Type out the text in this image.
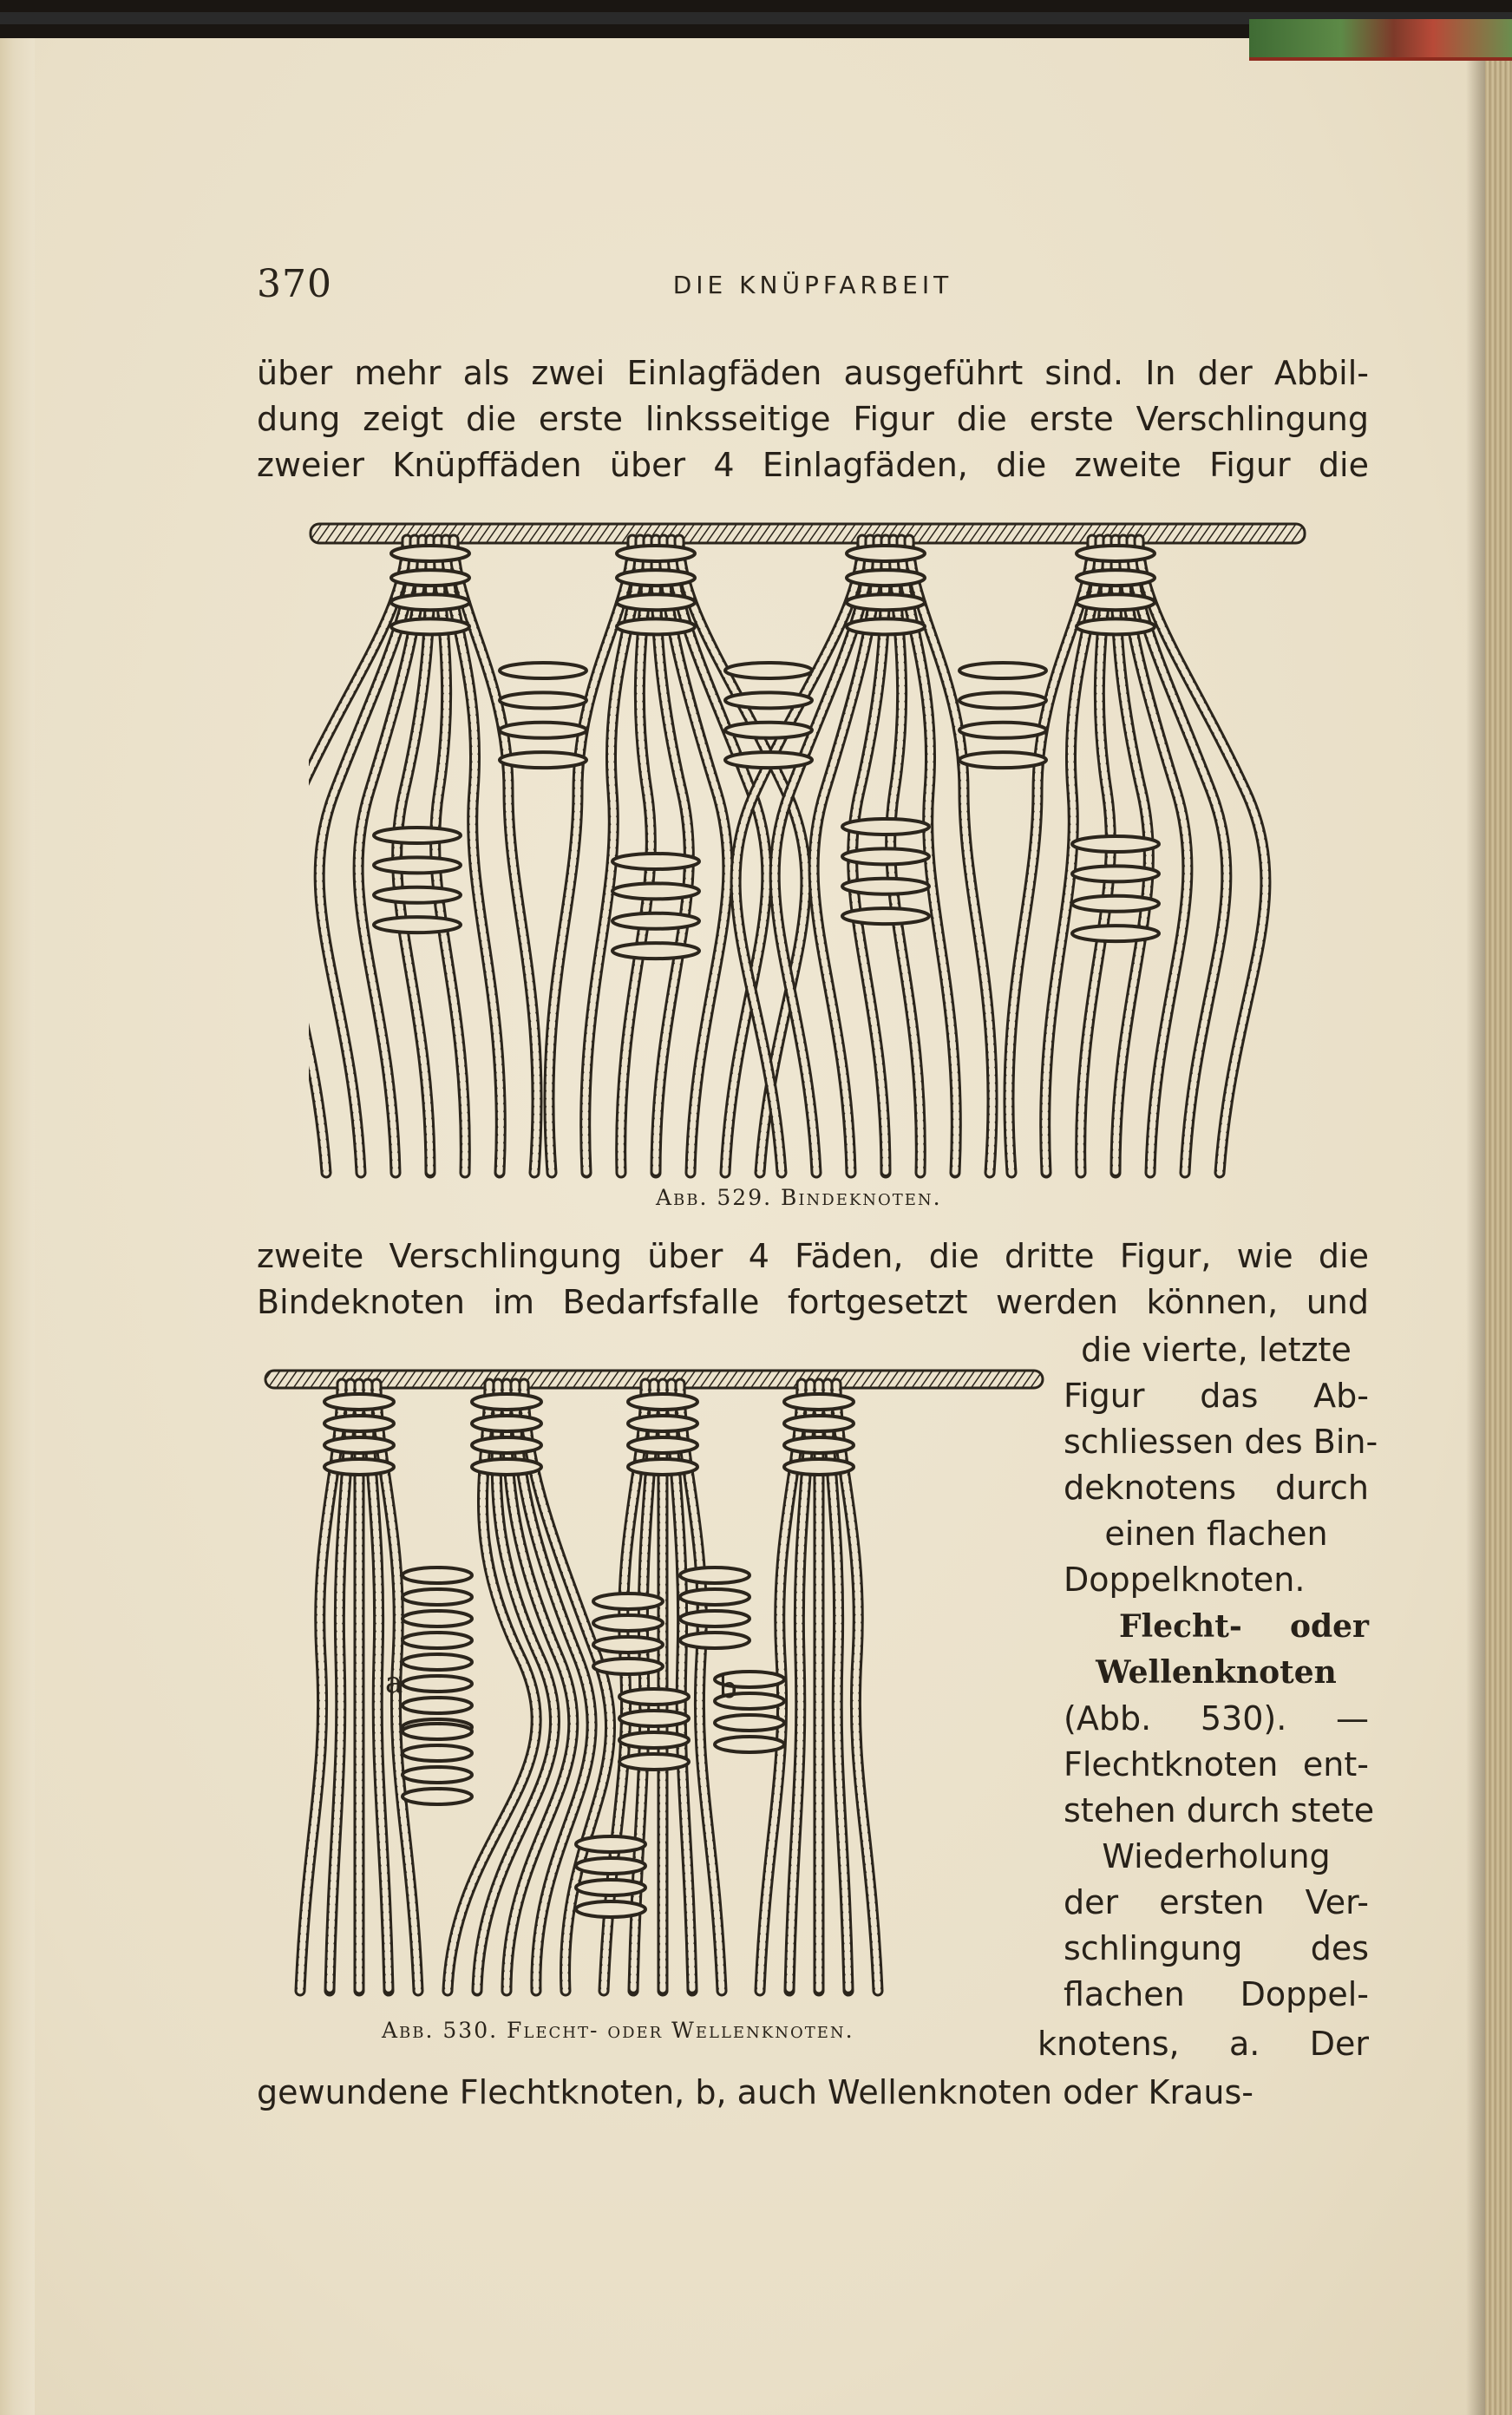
370	DIE KNÜPFARBEIT
über mehr als zwei Einlagfäden ausgeführt sind. In der Abbil-
dung zeigt die erste linksseitige Figur die erste Verschlingung
zweier Knüpffäden über 4 Einlagfäden, die zweite Figur die
Abb. 529. Bindeknoten.
zweite Verschlingung über 4 Fäden, die dritte Figur, wie die
Bindeknoten im Bedarfsfalle fortgesetzt werden können, und
a	b
Abb. 530. Flecht- oder Wellenknoten.
die vierte, letzte
Figur das Ab-
schliessen des Bin-
deknotens durch
einen flachen
Doppelknoten.
Flecht- oder
Wellenknoten
(Abb. 530). —
Flechtknoten ent-
stehen durch stete
Wiederholung
der ersten Ver-
schlingung des
flachen Doppel-
knotens, a. Der
gewundene Flechtknoten, b, auch Wellenknoten oder Kraus-
